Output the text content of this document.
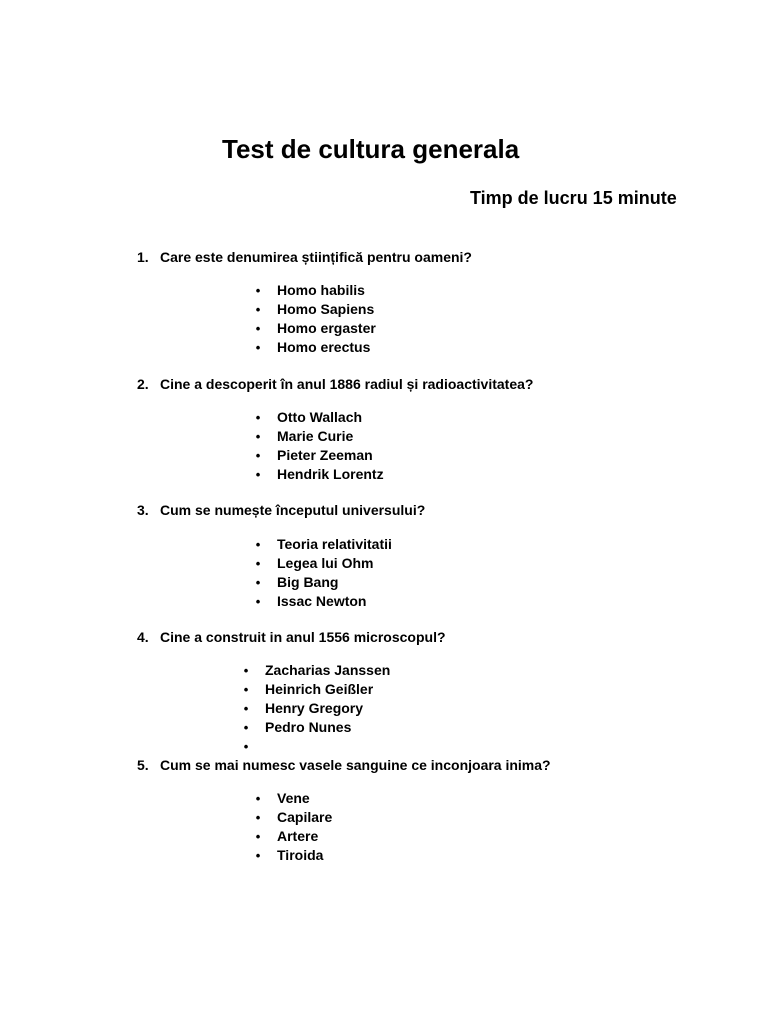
Test de cultura generala
Timp de lucru 15 minute
1. Care este denumirea științifică pentru oameni?
• Homo habilis
• Homo Sapiens
• Homo ergaster
• Homo erectus
2. Cine a descoperit în anul 1886 radiul și radioactivitatea?
• Otto Wallach
• Marie Curie
• Pieter Zeeman
• Hendrik Lorentz
3. Cum se numește începutul universului?
• Teoria relativitatii
• Legea lui Ohm
• Big Bang
• Issac Newton
4. Cine a construit in anul 1556 microscopul?
• Zacharias Janssen
• Heinrich Geißler
• Henry Gregory
• Pedro Nunes
•
5. Cum se mai numesc vasele sanguine ce inconjoara inima?
• Vene
• Capilare
• Artere
• Tiroida
